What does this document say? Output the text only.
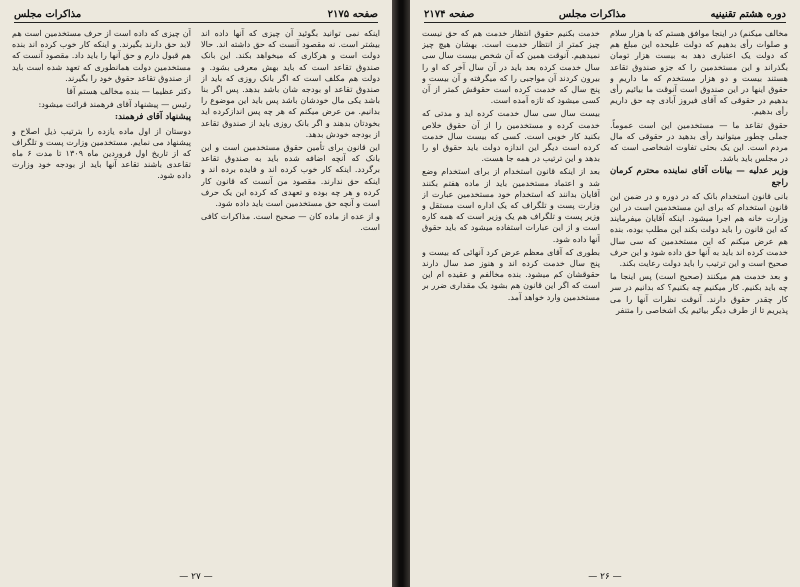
صفحه ۲۱۷۵
مذاکرات مجلس

اینکه نمی توانید بگوئید آن چیزی که آنها داده اند بیشتر است. نه مقصود آنست که حق داشته اند. حالا دولت است و هرکاری که میخواهد بکند. این بانک صندوق تقاعد است که باید بهش معرفی بشود. و دولت هم مکلف است که اگر بانک روزی که باید از صندوق تقاعد او بودجه شان باشد بدهد. پس اگر بنا باشد یکی مال خودشان باشد پس باید این موضوع را بدانیم. من عرض میکنم که هر چه پس اندازکرده اید بخودتان بدهند و اگر بانک روزی باید از صندوق تقاعد از بودجه خودش بدهد.

این قانون برای تأمین حقوق مستخدمین است و این بانک که آنچه اضافه شده باید به صندوق تقاعد برگردد. اینکه کار خوب کرده اند و فایده برده اند و اینکه حق ندارند. مقصود من آنست که قانون کار کرده و هر چه بوده و تعهدی که کرده این یک حرف است و آنچه حق مستخدمین است باید داده شود.

و از عده از ماده کان — صحیح است. مذاکرات کافی است.

آن چیزی که داده است از حرف مستخدمین است هم لابد حق دارند بگیرند. و اینکه کار خوب کرده اند بنده هم قبول دارم و حق آنها را باید داد. مقصود آنست که مستخدمین دولت همانطوری که تعهد شده است باید از صندوق تقاعد حقوق خود را بگیرند.

دکتر عظیما — بنده مخالف هستم آقا

رئیس — پیشنهاد آقای فرهمند قرائت میشود:

پیشنهاد آقای فرهمند:

دوستان از اول ماده یازده را بترتیب ذیل اصلاح و پیشنهاد می نمایم. مستخدمین وزارت پست و تلگراف که از تاریخ اول فروردین ماه ۱۳۰۹ تا مدت ۶ ماه تقاعدی باشند تقاعد آنها باید از بودجه خود وزارت داده شود.

— ۲۷ —
دوره هشتم تقنینیه
مذاکرات مجلس
صفحه ۲۱۷۴

مخالف میکنم) در اینجا موافق هستم که با هزار سلام و صلوات رأی بدهیم که دولت علیحده این مبلغ هم که دولت یک اعتباری دهد به بیست هزار تومان بگذراند و این مستخدمین را که جزو صندوق تقاعد هستند بیست و دو هزار مستخدم که ما داریم و حقوق اینها در این صندوق است آنوقت ما بیائیم رأی بدهیم در حقوقی که آقای فیروز آبادی چه حق داریم رأی بدهیم.

حقوق تقاعد ما — مستخدمین این است عموماً. جملی چطور میتوانید رأی بدهید در حقوقی که مال مردم است. این یک بحثی تفاوت اشخاصی است که در مجلس باید باشد.

وزیر عدلیه — بیانات آقای نماینده محترم کرمان راجع

بانی قانون استخدام بانک که در دوره و در ضمن این قانون استخدام که برای این مستخدمین است در این وزارت خانه هم اجرا میشود. اینکه آقایان میفرمایند که این قانون را باید دولت بکند این مطلب بوده، بنده هم عرض میکنم که این مستخدمین که سی سال خدمت کرده اند باید به آنها حق داده شود و این حرف صحیح است و این ترتیب را باید دولت رعایت بکند.

و بعد خدمت هم میکنند (صحیح است) پس اینجا ما چه باید بکنیم. کار میکنیم چه بکنیم؟ که بدانیم در سر کار چقدر حقوق دارند. آنوقت نظرات آنها را می پذیریم تا از طرف دیگر بیائیم یک اشخاصی را متنفر

خدمت بکنیم حقوق انتظار خدمت هم که حق نیست چیز کمتر از انتظار خدمت است. بهشان هیچ چیز نمیدهیم. آنوقت همین که آن شخص بیست سال سی سال خدمت کرده بعد باید در آن سال آخر که او را بیرون کردند آن مواجبی را که میگرفته و آن بیست و پنج سال که خدمت کرده است حقوقش کمتر از آن کسی میشود که تازه آمده است.

بیست سال سی سال خدمت کرده اید و مدتی که خدمت کرده و مستخدمین را از آن حقوق خلاص بکنید کار خوبی است. کسی که بیست سال خدمت کرده است دیگر این اندازه دولت باید حقوق او را بدهد و این ترتیب در همه جا هست.

بعد از اینکه قانون استخدام از برای استخدام وضع شد و اعتماد مستخدمین باید از ماده هفتم بکنند آقایان بدانند که استخدام خود مستخدمین عبارت از وزارت پست و تلگراف که یک اداره است مستقل و وزیر پست و تلگراف هم یک وزیر است که همه کاره است و از این عبارات استفاده میشود که باید حقوق آنها داده شود.

بطوری که آقای معظم عرض کرد آنهائی که بیست و پنج سال خدمت کرده اند و هنوز صد سال دارند حقوقشان کم میشود. بنده مخالفم و عقیده ام این است که اگر این قانون هم بشود یک مقداری ضرر بر مستخدمین وارد خواهد آمد.

— ۲۶ —
